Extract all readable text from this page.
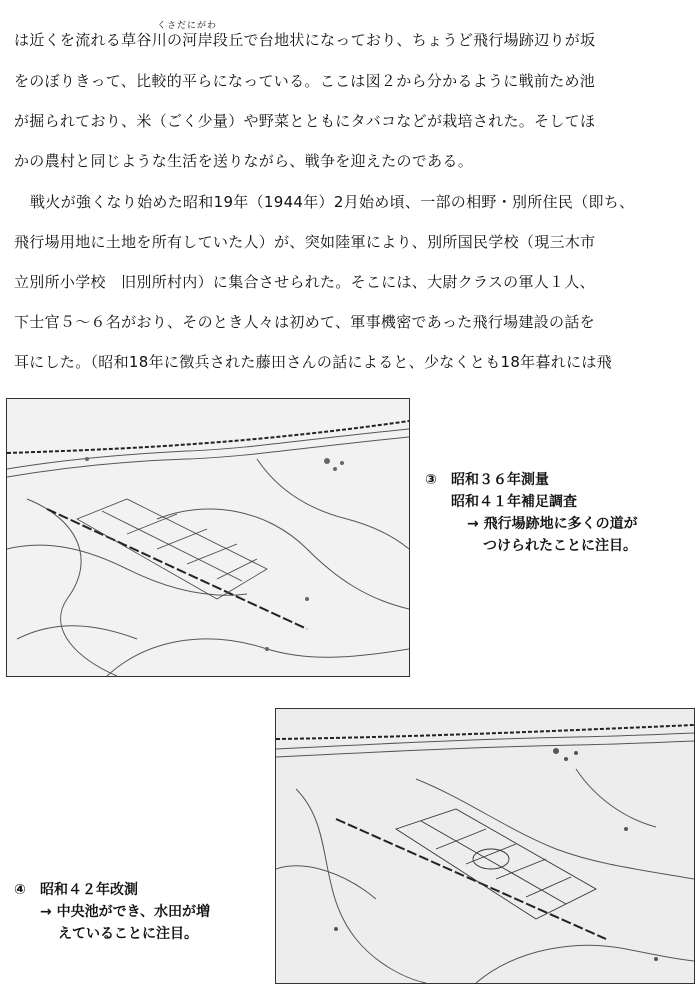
くさだにがわ
は近くを流れる草谷川の河岸段丘で台地状になっており、ちょうど飛行場跡辺りが坂
をのぼりきって、比較的平らになっている。ここは図２から分かるように戦前ため池
が掘られており、米（ごく少量）や野菜とともにタバコなどが栽培された。そしてほ
かの農村と同じような生活を送りながら、戦争を迎えたのである。
戦火が強くなり始めた昭和19年（1944年）2月始め頃、一部の相野・別所住民（即ち、
飛行場用地に土地を所有していた人）が、突如陸軍により、別所国民学校（現三木市
立別所小学校　旧別所村内）に集合させられた。そこには、大尉クラスの軍人１人、
下士官５～６名がおり、そのとき人々は初めて、軍事機密であった飛行場建設の話を
耳にした。（昭和18年に徴兵された藤田さんの話によると、少なくとも18年暮れには飛
③ 昭和３６年測量
昭和４１年補足調査
→ 飛行場跡地に多くの道が
つけられたことに注目。
④ 昭和４２年改測
→ 中央池ができ、水田が増
えていることに注目。
